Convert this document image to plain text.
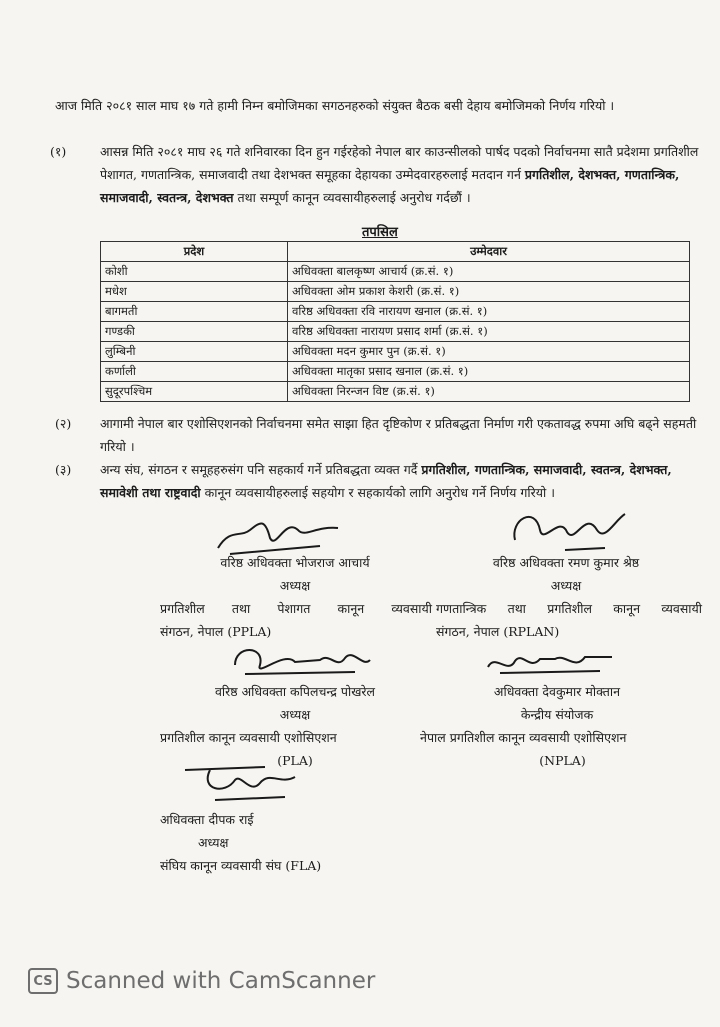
आज मिति २०८१ साल माघ १७ गते हामी निम्न बमोजिमका सगठनहरुको संयुक्त बैठक बसी देहाय बमोजिमको निर्णय गरियो ।
(१)	आसन्न मिति २०८१ माघ २६ गते शनिवारका दिन हुन गईरहेको नेपाल बार काउन्सीलको पार्षद पदको निर्वाचनमा सातै प्रदेशमा प्रगतिशील पेशागत, गणतान्त्रिक, समाजवादी तथा देशभक्त समूहका देहायका उम्मेदवारहरुलाई मतदान गर्न प्रगतिशील, देशभक्त, गणतान्त्रिक, समाजवादी, स्वतन्त्र, देशभक्त तथा सम्पूर्ण कानून व्यवसायीहरुलाई अनुरोध गर्दछौं ।
तपसिल
प्रदेश	उम्मेदवार
कोशी	अधिवक्ता बालकृष्ण आचार्य (क्र.सं. १)
मधेश	अधिवक्ता ओम प्रकाश केशरी (क्र.सं. १)
बागमती	वरिष्ठ अधिवक्ता रवि नारायण खनाल (क्र.सं. १)
गण्डकी	वरिष्ठ अधिवक्ता नारायण प्रसाद शर्मा (क्र.सं. १)
लुम्बिनी	अधिवक्ता मदन कुमार पुन (क्र.सं. १)
कर्णाली	अधिवक्ता मातृका प्रसाद खनाल (क्र.सं. १)
सुदूरपश्चिम	अधिवक्ता निरन्जन विष्ट (क्र.सं. १)
(२) आगामी नेपाल बार एशोसिएशनको निर्वाचनमा समेत साझा हित दृष्टिकोण र प्रतिबद्धता निर्माण गरी एकतावद्ध रुपमा अघि बढ्ने सहमती गरियो ।
(३) अन्य संघ, संगठन र समूहहरुसंग पनि सहकार्य गर्ने प्रतिबद्धता व्यक्त गर्दै प्रगतिशील, गणतान्त्रिक, समाजवादी, स्वतन्त्र, देशभक्त, समावेशी तथा राष्ट्रवादी कानून व्यवसायीहरुलाई सहयोग र सहकार्यको लागि अनुरोध गर्ने निर्णय गरियो ।
वरिष्ठ अधिवक्ता भोजराज आचार्य
अध्यक्ष
प्रगतिशील तथा पेशागत कानून व्यवसायी
संगठन, नेपाल (PPLA)
वरिष्ठ अधिवक्ता रमण कुमार श्रेष्ठ
अध्यक्ष
गणतान्त्रिक तथा प्रगतिशील कानून व्यवसायी
संगठन, नेपाल (RPLAN)
वरिष्ठ अधिवक्ता कपिलचन्द्र पोखरेल
अध्यक्ष
प्रगतिशील कानून व्यवसायी एशोसिएशन
(PLA)
अधिवक्ता देवकुमार मोक्तान
केन्द्रीय संयोजक
नेपाल प्रगतिशील कानून व्यवसायी एशोसिएशन
(NPLA)
अधिवक्ता दीपक राई
अध्यक्ष
संघिय कानून व्यवसायी संघ (FLA)
CS Scanned with CamScanner
